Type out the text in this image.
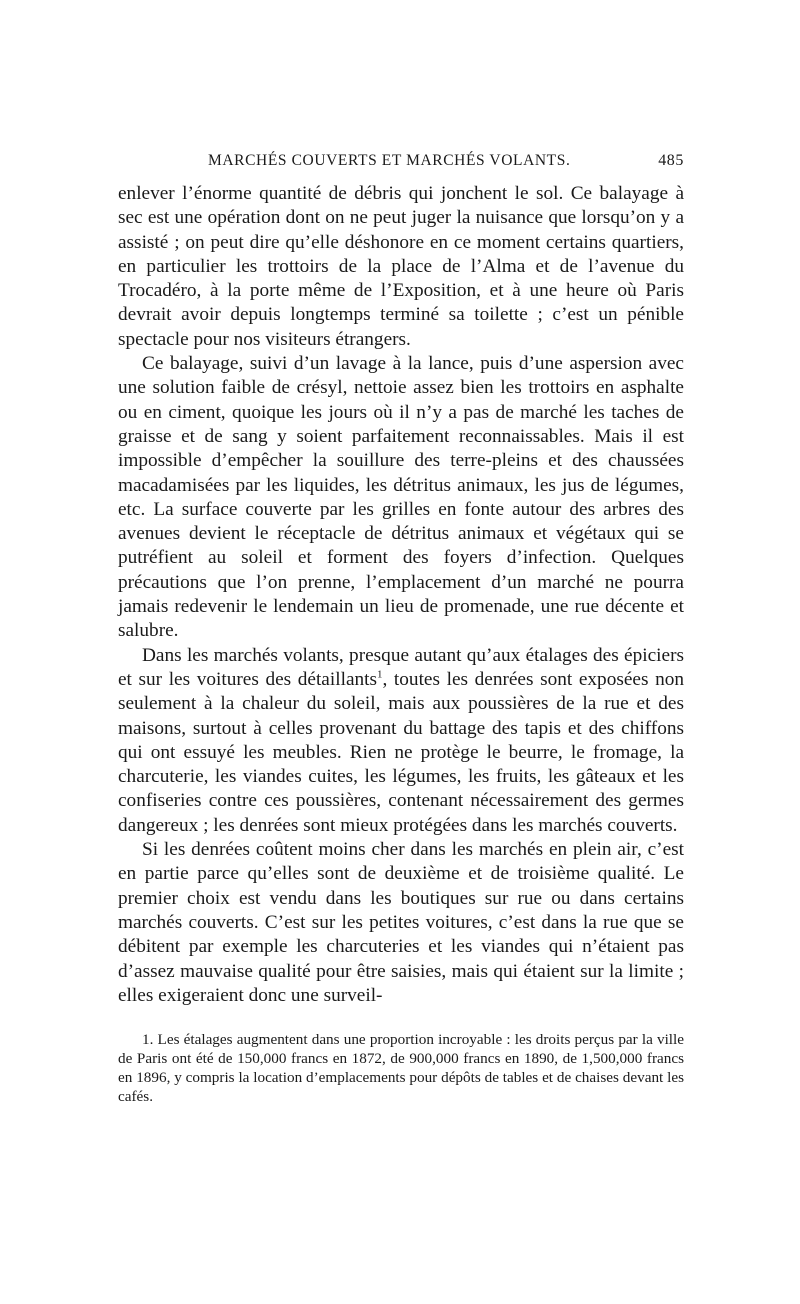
MARCHÉS COUVERTS ET MARCHÉS VOLANTS.	485

enlever l’énorme quantité de débris qui jonchent le sol. Ce balayage à sec est une opération dont on ne peut juger la nuisance que lorsqu’on y a assisté ; on peut dire qu’elle déshonore en ce moment certains quartiers, en particulier les trottoirs de la place de l’Alma et de l’avenue du Trocadéro, à la porte même de l’Exposition, et à une heure où Paris devrait avoir depuis longtemps terminé sa toilette ; c’est un pénible spectacle pour nos visiteurs étrangers.

Ce balayage, suivi d’un lavage à la lance, puis d’une aspersion avec une solution faible de crésyl, nettoie assez bien les trottoirs en asphalte ou en ciment, quoique les jours où il n’y a pas de marché les taches de graisse et de sang y soient parfaitement reconnaissables. Mais il est impossible d’empêcher la souillure des terre-pleins et des chaussées macadamisées par les liquides, les détritus animaux, les jus de légumes, etc. La surface couverte par les grilles en fonte autour des arbres des avenues devient le réceptacle de détritus animaux et végétaux qui se putréfient au soleil et forment des foyers d’infection. Quelques précautions que l’on prenne, l’emplacement d’un marché ne pourra jamais redevenir le lendemain un lieu de promenade, une rue décente et salubre.

Dans les marchés volants, presque autant qu’aux étalages des épiciers et sur les voitures des détaillants$^1$, toutes les denrées sont exposées non seulement à la chaleur du soleil, mais aux poussières de la rue et des maisons, surtout à celles provenant du battage des tapis et des chiffons qui ont essuyé les meubles. Rien ne protège le beurre, le fromage, la charcuterie, les viandes cuites, les légumes, les fruits, les gâteaux et les confiseries contre ces poussières, contenant nécessairement des germes dangereux ; les denrées sont mieux protégées dans les marchés couverts.

Si les denrées coûtent moins cher dans les marchés en plein air, c’est en partie parce qu’elles sont de deuxième et de troisième qualité. Le premier choix est vendu dans les boutiques sur rue ou dans certains marchés couverts. C’est sur les petites voitures, c’est dans la rue que se débitent par exemple les charcuteries et les viandes qui n’étaient pas d’assez mauvaise qualité pour être saisies, mais qui étaient sur la limite ; elles exigeraient donc une surveil-

1. Les étalages augmentent dans une proportion incroyable : les droits perçus par la ville de Paris ont été de 150,000 francs en 1872, de 900,000 francs en 1890, de 1,500,000 francs en 1896, y compris la location d’emplacements pour dépôts de tables et de chaises devant les cafés.
